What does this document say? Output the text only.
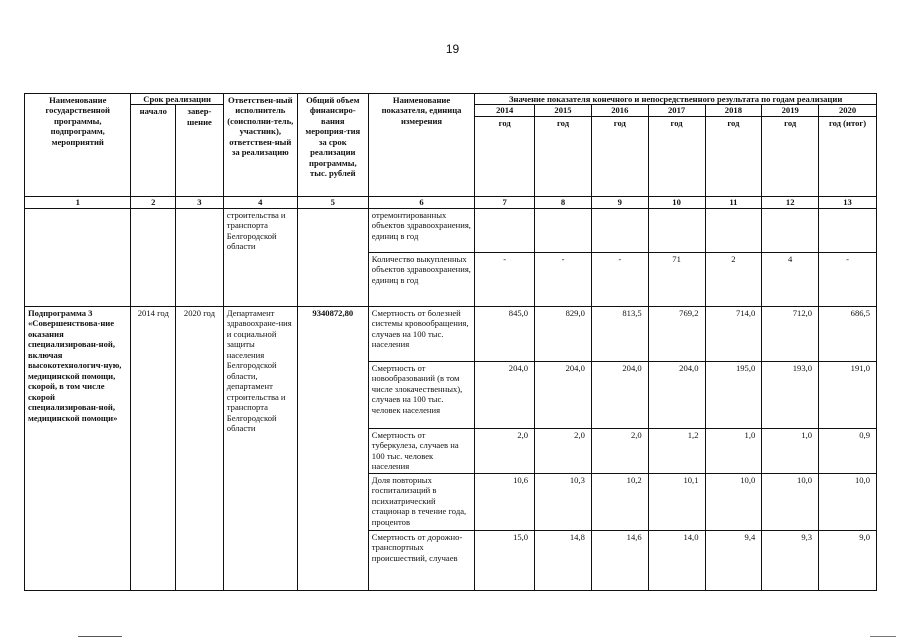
19
Наименование государственной программы, подпрограмм, мероприятий	Срок реализации		Ответствен-ный исполнитель (соисполни-тель, участник), ответствен-ный за реализацию	Общий объем финансиро-вания мероприя-тия за срок реализации программы, тыс. рублей	Наименование показателя, единица измерения	Значение показателя конечного и непосредственного результата по годам реализации						
	начало	завер-шение				2014	2015	2016	2017	2018	2019	2020
						год	год	год	год	год	год	год (итог)
1	2	3	4	5	6	7	8	9	10	11	12	13
			строительства и транспорта Белгородской области		отремонтированных объектов здравоохранения, единиц в год							
					Количество выкупленных объектов здравоохранения, единиц в год	-	-	-	71	2	4	-
Подпрограмма 3 «Совершенствова-ние оказания специализирован-ной, включая высокотехнологич-ную, медицинской помощи, скорой, в том числе скорой специализирован-ной, медицинской помощи»	2014 год	2020 год	Департамент здравоохране-ния и социальной защиты населения Белгородской области, департамент строительства и транспорта Белгородской области	9340872,80	Смертность от болезней системы кровообращения, случаев на 100 тыс. населения	845,0	829,0	813,5	769,2	714,0	712,0	686,5
					Смертность от новообразований (в том числе злокачественных), случаев на 100 тыс. человек населения	204,0	204,0	204,0	204,0	195,0	193,0	191,0
					Смертность от туберкулеза, случаев на 100 тыс. человек населения	2,0	2,0	2,0	1,2	1,0	1,0	0,9
					Доля повторных госпитализаций в психиатрический стационар в течение года, процентов	10,6	10,3	10,2	10,1	10,0	10,0	10,0
					Смертность от дорожно-транспортных происшествий, случаев	15,0	14,8	14,6	14,0	9,4	9,3	9,0
